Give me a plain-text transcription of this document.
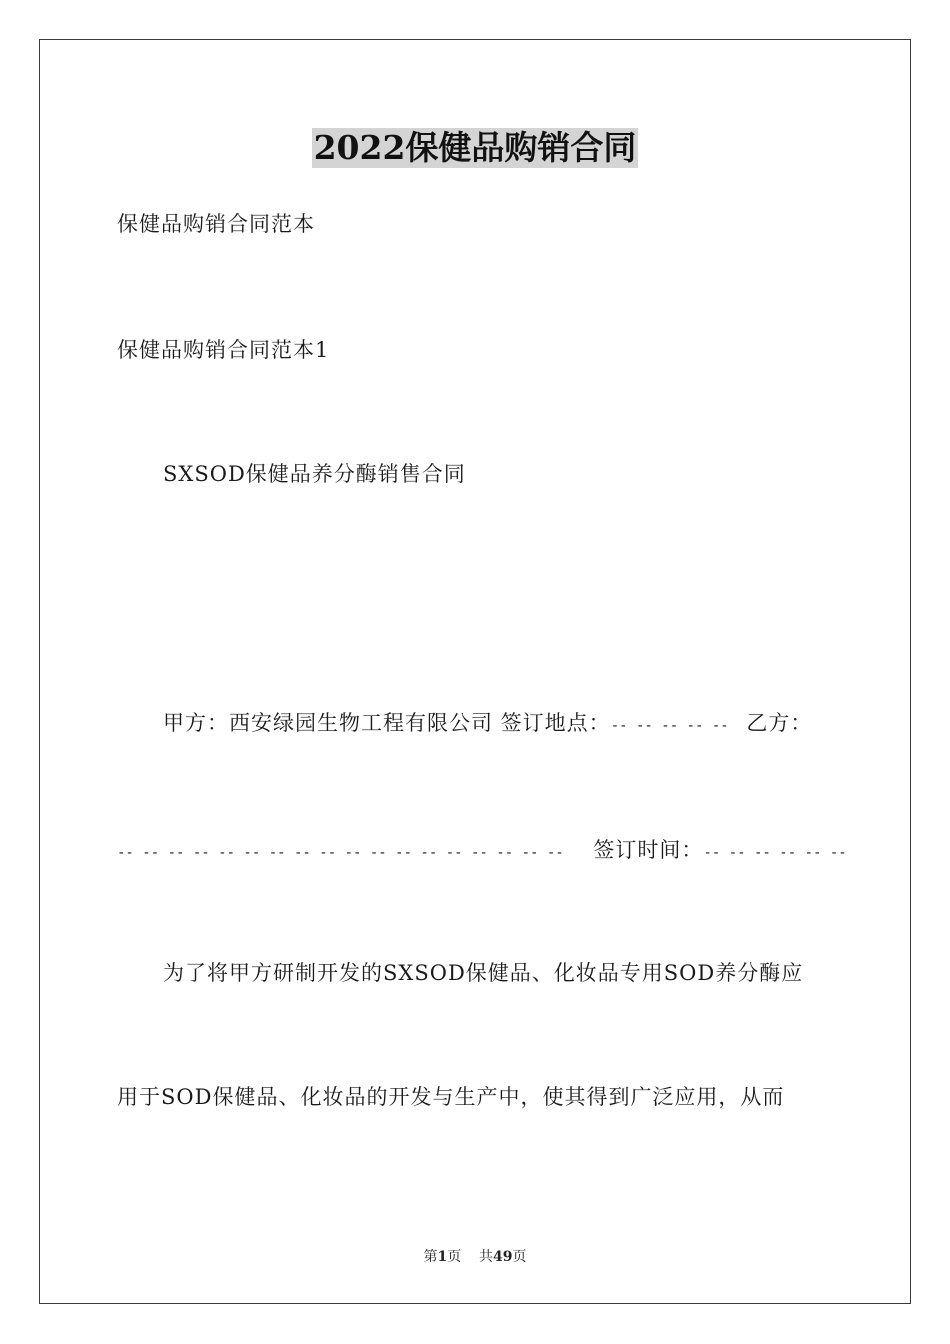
2022保健品购销合同
保健品购销合同范本
保健品购销合同范本1
SXSOD保健品养分酶销售合同
甲方：西安绿园生物工程有限公司 签订地点：-- -- -- -- -- 乙方：
-- -- -- -- -- -- -- -- -- -- -- -- -- -- -- -- -- -- 签订时间：-- -- -- -- -- --
为了将甲方研制开发的SXSOD保健品、化妆品专用SOD养分酶应
用于SOD保健品、化妆品的开发与生产中，使其得到广泛应用，从而
第1页 共49页
